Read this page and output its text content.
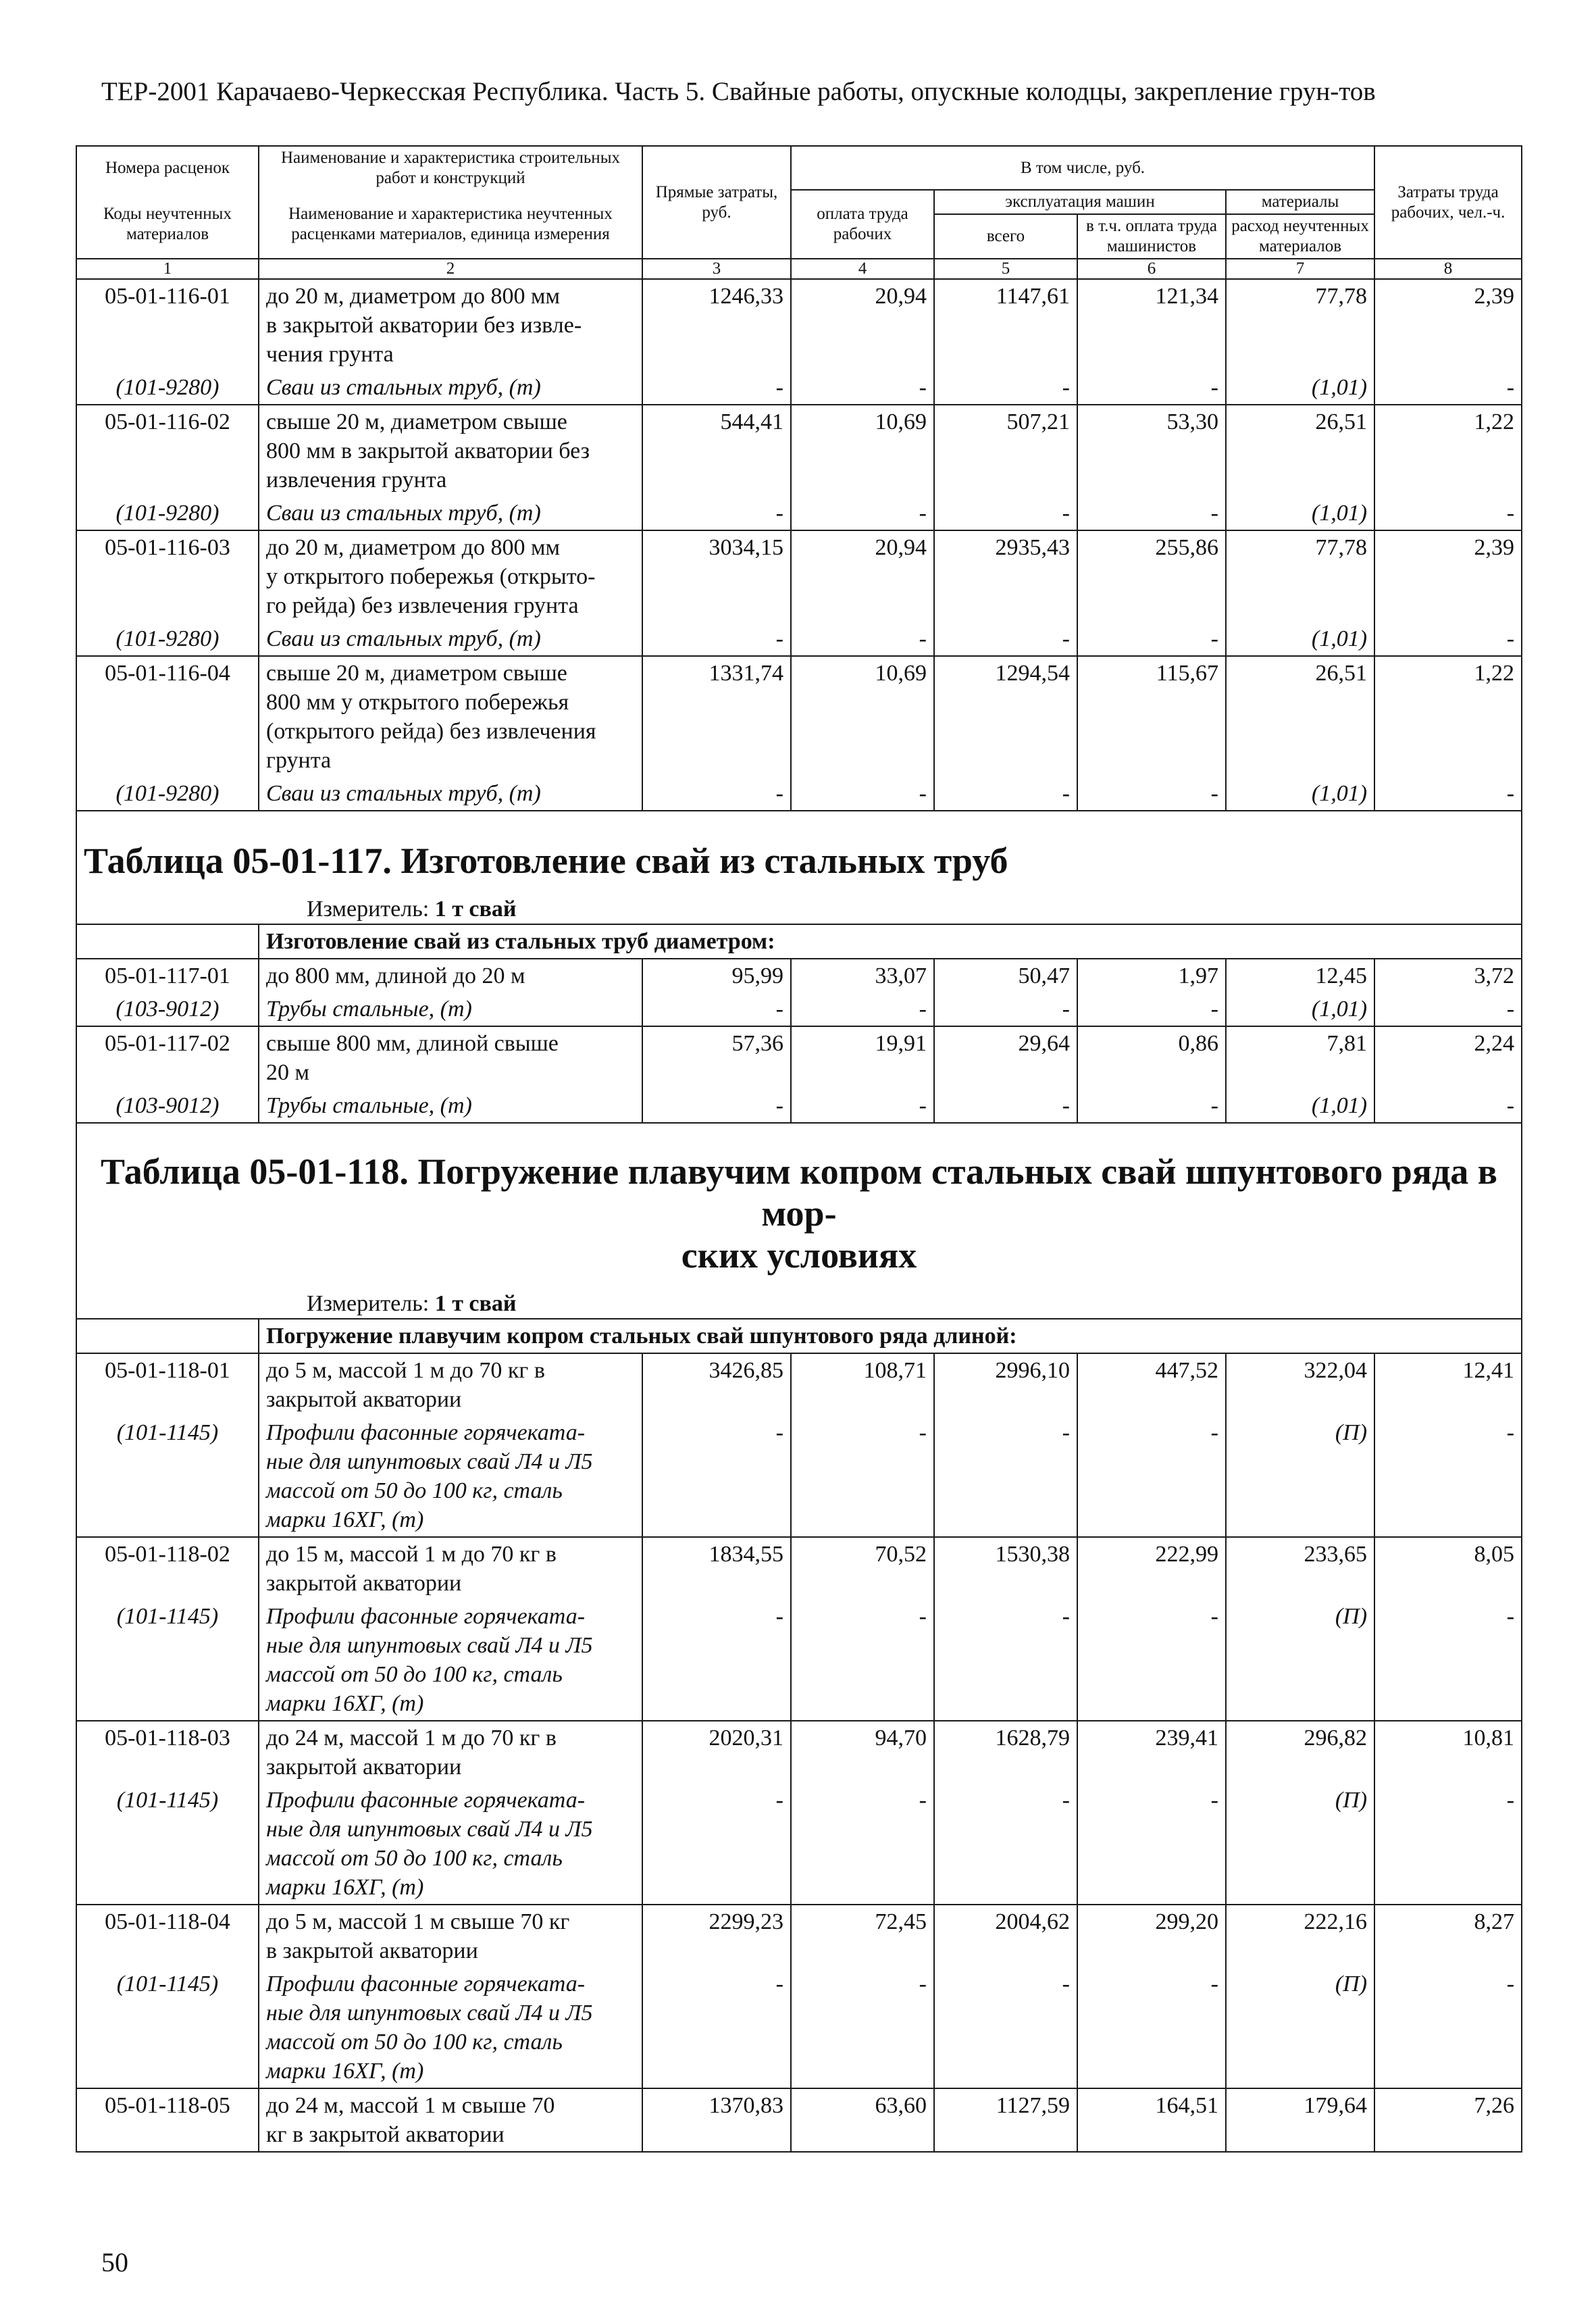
ТЕР-2001 Карачаево-Черкесская Республика. Часть 5. Свайные работы, опускные колодцы, закрепление грун-тов
Номера расценок	Наименование и характеристика строительных работ и конструкций	Прямые затраты, руб.	В том числе, руб.				Затраты труда рабочих, чел.-ч.
Коды неучтенных материалов	Наименование и характеристика неучтенных расценками материалов, единица измерения		оплата труда рабочих	эксплуатация машин		материалы	
				всего	в т.ч. оплата труда машинистов	расход неучтенных материалов	
1	2	3	4	5	6	7	8
05-01-116-01	до 20 м, диаметром до 800 мм
в закрытой акватории без извле-
чения грунта	1246,33	20,94	1147,61	121,34	77,78	2,39
(101-9280)	Сваи из стальных труб, (т)	-	-	-	-	(1,01)	-
05-01-116-02	свыше 20 м, диаметром свыше
800 мм в закрытой акватории без
извлечения грунта	544,41	10,69	507,21	53,30	26,51	1,22
(101-9280)	Сваи из стальных труб, (т)	-	-	-	-	(1,01)	-
05-01-116-03	до 20 м, диаметром до 800 мм
у открытого побережья (открыто-
го рейда) без извлечения грунта	3034,15	20,94	2935,43	255,86	77,78	2,39
(101-9280)	Сваи из стальных труб, (т)	-	-	-	-	(1,01)	-
05-01-116-04	свыше 20 м, диаметром свыше
800 мм у открытого побережья
(открытого рейда) без извлечения
грунта	1331,74	10,69	1294,54	115,67	26,51	1,22
(101-9280)	Сваи из стальных труб, (т)	-	-	-	-	(1,01)	-

Таблица 05-01-117. Изготовление свай из стальных труб
Измеритель: 1 т свай							

	Изготовление свай из стальных труб диаметром:						
05-01-117-01	до 800 мм, длиной до 20 м	95,99	33,07	50,47	1,97	12,45	3,72
(103-9012)	Трубы стальные, (т)	-	-	-	-	(1,01)	-
05-01-117-02	свыше 800 мм, длиной свыше
20 м	57,36	19,91	29,64	0,86	7,81	2,24
(103-9012)	Трубы стальные, (т)	-	-	-	-	(1,01)	-

Таблица 05-01-118. Погружение плавучим копром стальных свай шпунтового ряда в мор-
ских условиях
Измеритель: 1 т свай							

	Погружение плавучим копром стальных свай шпунтового ряда длиной:						
05-01-118-01	до 5 м, массой 1 м до 70 кг в
закрытой акватории	3426,85	108,71	2996,10	447,52	322,04	12,41
(101-1145)	Профили фасонные горячеката-
ные для шпунтовых свай Л4 и Л5
массой от 50 до 100 кг, сталь
марки 16ХГ, (т)	-	-	-	-	(П)	-
05-01-118-02	до 15 м, массой 1 м до 70 кг в
закрытой акватории	1834,55	70,52	1530,38	222,99	233,65	8,05
(101-1145)	Профили фасонные горячеката-
ные для шпунтовых свай Л4 и Л5
массой от 50 до 100 кг, сталь
марки 16ХГ, (т)	-	-	-	-	(П)	-
05-01-118-03	до 24 м, массой 1 м до 70 кг в
закрытой акватории	2020,31	94,70	1628,79	239,41	296,82	10,81
(101-1145)	Профили фасонные горячеката-
ные для шпунтовых свай Л4 и Л5
массой от 50 до 100 кг, сталь
марки 16ХГ, (т)	-	-	-	-	(П)	-
05-01-118-04	до 5 м, массой 1 м свыше 70 кг
в закрытой акватории	2299,23	72,45	2004,62	299,20	222,16	8,27
(101-1145)	Профили фасонные горячеката-
ные для шпунтовых свай Л4 и Л5
массой от 50 до 100 кг, сталь
марки 16ХГ, (т)	-	-	-	-	(П)	-
05-01-118-05	до 24 м, массой 1 м свыше 70
кг в закрытой акватории	1370,83	63,60	1127,59	164,51	179,64	7,26
50
